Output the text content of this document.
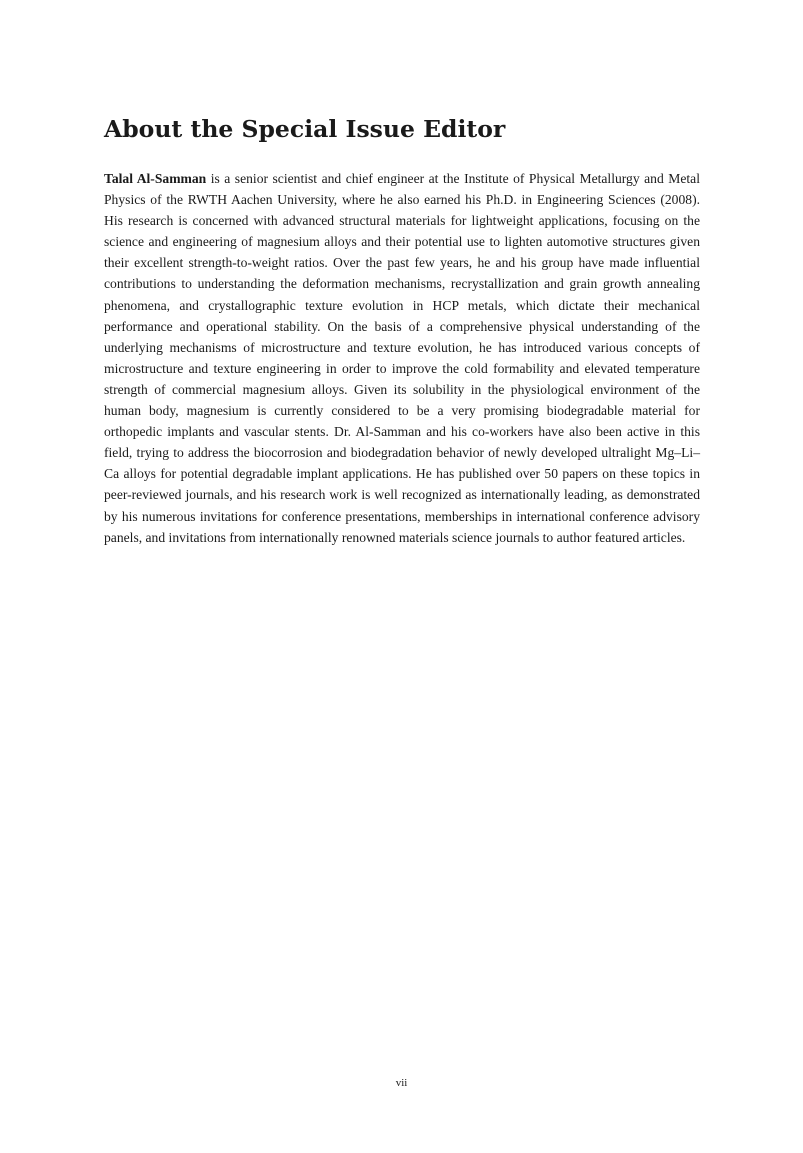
About the Special Issue Editor

Talal Al-Samman is a senior scientist and chief engineer at the Institute of Physical Metallurgy and Metal Physics of the RWTH Aachen University, where he also earned his Ph.D. in Engineering Sciences (2008). His research is concerned with advanced structural materials for lightweight applications, focusing on the science and engineering of magnesium alloys and their potential use to lighten automotive structures given their excellent strength-to-weight ratios. Over the past few years, he and his group have made influential contributions to understanding the deformation mechanisms, recrystallization and grain growth annealing phenomena, and crystallographic texture evolution in HCP metals, which dictate their mechanical performance and operational stability. On the basis of a comprehensive physical understanding of the underlying mechanisms of microstructure and texture evolution, he has introduced various concepts of microstructure and texture engineering in order to improve the cold formability and elevated temperature strength of commercial magnesium alloys. Given its solubility in the physiological environment of the human body, magnesium is currently considered to be a very promising biodegradable material for orthopedic implants and vascular stents. Dr. Al-Samman and his co-workers have also been active in this field, trying to address the biocorrosion and biodegradation behavior of newly developed ultralight Mg–Li–Ca alloys for potential degradable implant applications. He has published over 50 papers on these topics in peer-reviewed journals, and his research work is well recognized as internationally leading, as demonstrated by his numerous invitations for conference presentations, memberships in international conference advisory panels, and invitations from internationally renowned materials science journals to author featured articles.

vii
